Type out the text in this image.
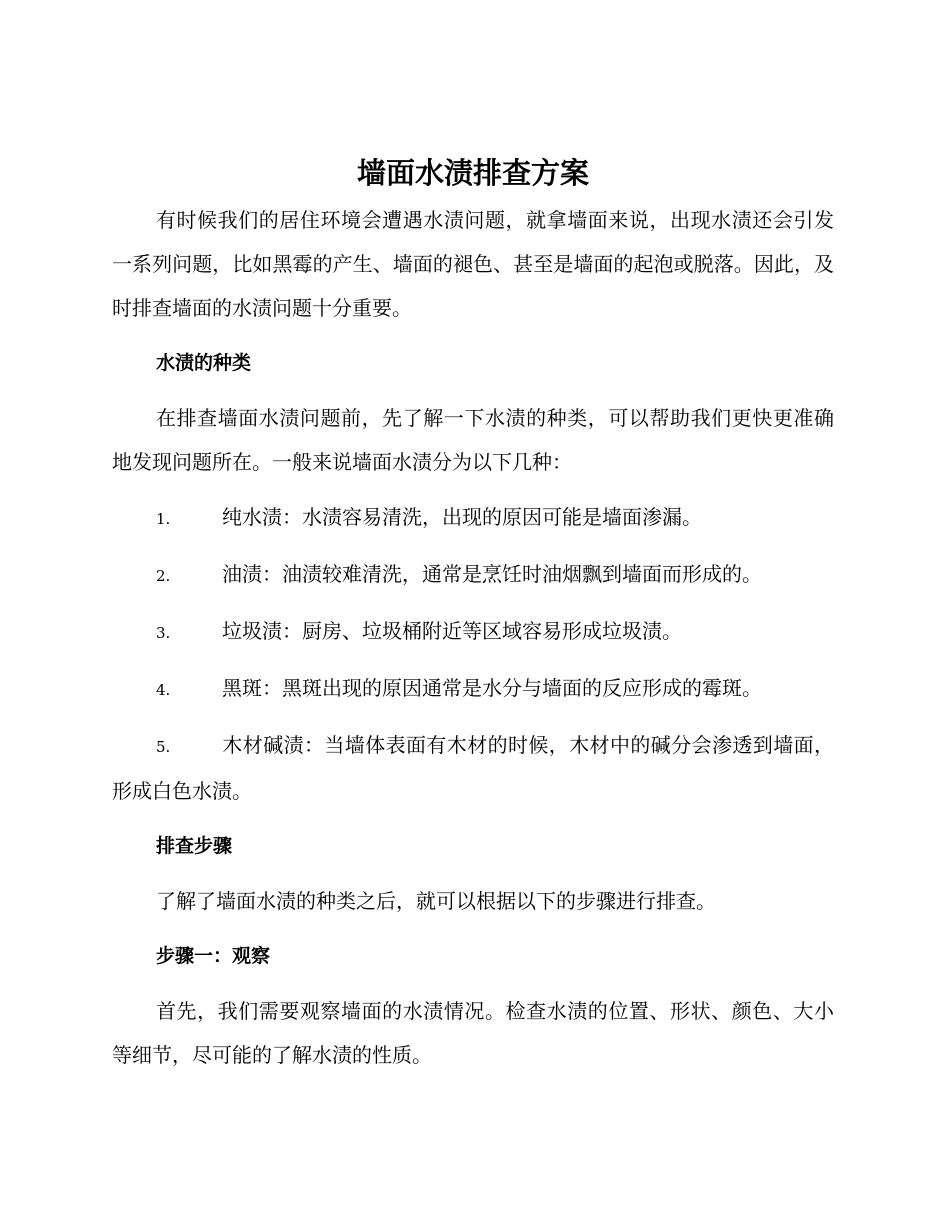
墙面水渍排查方案

有时候我们的居住环境会遭遇水渍问题，就拿墙面来说，出现水渍还会引发一系列问题，比如黑霉的产生、墙面的褪色、甚至是墙面的起泡或脱落。因此，及时排查墙面的水渍问题十分重要。

水渍的种类

在排查墙面水渍问题前，先了解一下水渍的种类，可以帮助我们更快更准确地发现问题所在。一般来说墙面水渍分为以下几种：

1.	纯水渍：水渍容易清洗，出现的原因可能是墙面渗漏。

2.	油渍：油渍较难清洗，通常是烹饪时油烟飘到墙面而形成的。

3.	垃圾渍：厨房、垃圾桶附近等区域容易形成垃圾渍。

4.	黑斑：黑斑出现的原因通常是水分与墙面的反应形成的霉斑。

5.	木材碱渍：当墙体表面有木材的时候，木材中的碱分会渗透到墙面，形成白色水渍。

排查步骤

了解了墙面水渍的种类之后，就可以根据以下的步骤进行排查。

步骤一：观察

首先，我们需要观察墙面的水渍情况。检查水渍的位置、形状、颜色、大小等细节，尽可能的了解水渍的性质。
